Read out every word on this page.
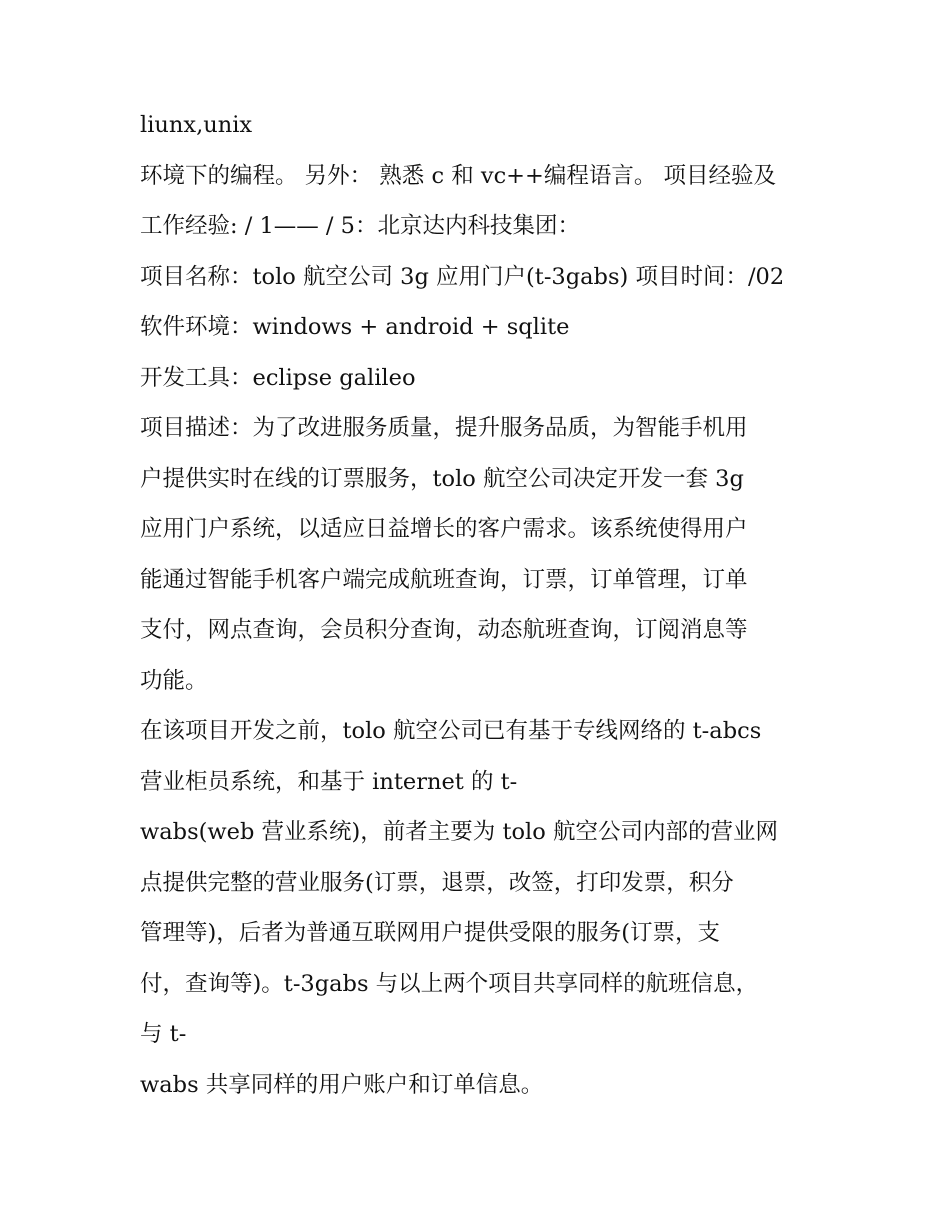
liunx,unix
环境下的编程。 另外： 熟悉 c 和 vc++编程语言。 项目经验及
工作经验: / 1—— / 5：北京达内科技集团：
项目名称：tolo 航空公司 3g 应用门户(t-3gabs) 项目时间：/02
软件环境：windows + android + sqlite
开发工具：eclipse galileo
项目描述：为了改进服务质量，提升服务品质，为智能手机用
户提供实时在线的订票服务，tolo 航空公司决定开发一套 3g
应用门户系统，以适应日益增长的客户需求。该系统使得用户
能通过智能手机客户端完成航班查询，订票，订单管理，订单
支付，网点查询，会员积分查询，动态航班查询，订阅消息等
功能。
在该项目开发之前，tolo 航空公司已有基于专线网络的 t-abcs
营业柜员系统，和基于 internet 的 t-
wabs(web 营业系统)，前者主要为 tolo 航空公司内部的营业网
点提供完整的营业服务(订票，退票，改签，打印发票，积分
管理等)，后者为普通互联网用户提供受限的服务(订票，支
付，查询等)。t-3gabs 与以上两个项目共享同样的航班信息，
与 t-
wabs 共享同样的用户账户和订单信息。
